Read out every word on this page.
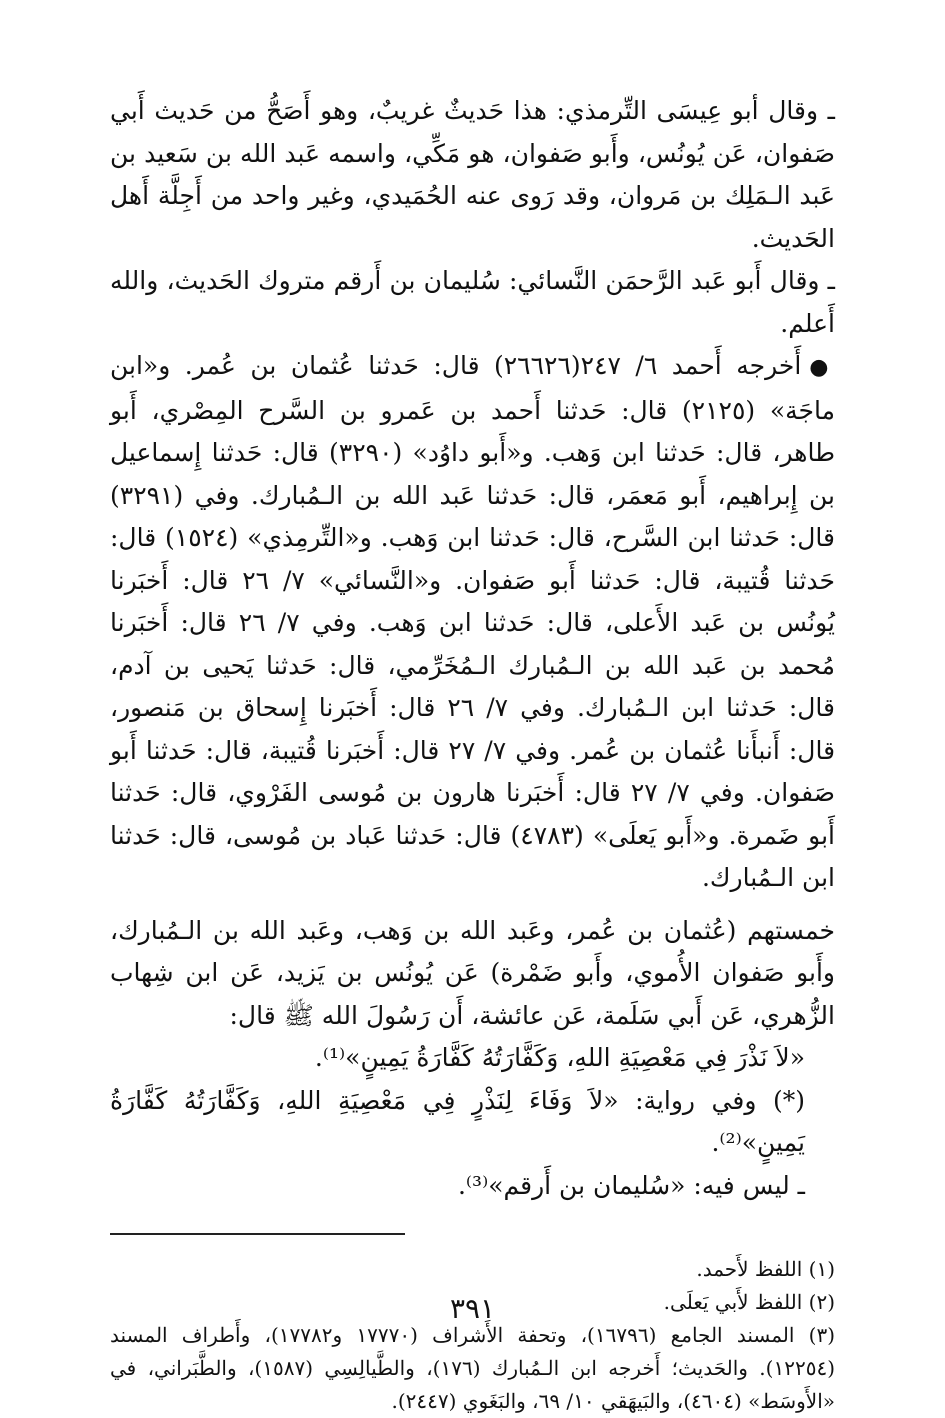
ـ وقال أبو عِيسَى التِّرمذي: هذا حَديثٌ غريبٌ، وهو أَصَحُّ من حَديث أَبي صَفوان، عَن يُونُس، وأَبو صَفوان، هو مَكِّي، واسمه عَبد الله بن سَعيد بن عَبد الـمَلِك بن مَروان، وقد رَوى عنه الحُمَيدي، وغير واحد من أَجِلَّة أَهل الحَديث.

ـ وقال أَبو عَبد الرَّحمَن النَّسائي: سُليمان بن أَرقم متروك الحَديث، والله أَعلم.

●أَخرجه أَحمد ٦/ ٢٤٧(٢٦٦٢٦) قال: حَدثنا عُثمان بن عُمر. و«ابن ماجَة» (٢١٢٥) قال: حَدثنا أَحمد بن عَمرو بن السَّرح المِصْري، أَبو طاهر، قال: حَدثنا ابن وَهب. و«أَبو داوُد» (٣٢٩٠) قال: حَدثنا إِسماعيل بن إِبراهيم، أَبو مَعمَر، قال: حَدثنا عَبد الله بن الـمُبارك. وفي (٣٢٩١) قال: حَدثنا ابن السَّرح، قال: حَدثنا ابن وَهب. و«التِّرمِذي» (١٥٢٤) قال: حَدثنا قُتيبة، قال: حَدثنا أَبو صَفوان. و«النَّسائي» ٧/ ٢٦ قال: أَخبَرنا يُونُس بن عَبد الأَعلى، قال: حَدثنا ابن وَهب. وفي ٧/ ٢٦ قال: أَخبَرنا مُحمد بن عَبد الله بن الـمُبارك الـمُخَرِّمي، قال: حَدثنا يَحيى بن آدم، قال: حَدثنا ابن الـمُبارك. وفي ٧/ ٢٦ قال: أَخبَرنا إِسحاق بن مَنصور، قال: أَنبأَنا عُثمان بن عُمر. وفي ٧/ ٢٧ قال: أَخبَرنا قُتيبة، قال: حَدثنا أَبو صَفوان. وفي ٧/ ٢٧ قال: أَخبَرنا هارون بن مُوسى الفَرْوي، قال: حَدثنا أَبو ضَمرة. و«أَبو يَعلَى» (٤٧٨٣) قال: حَدثنا عَباد بن مُوسى، قال: حَدثنا ابن الـمُبارك.

خمستهم (عُثمان بن عُمر، وعَبد الله بن وَهب، وعَبد الله بن الـمُبارك، وأَبو صَفوان الأُموي، وأَبو ضَمْرة) عَن يُونُس بن يَزيد، عَن ابن شِهاب الزُّهري، عَن أَبي سَلَمة، عَن عائشة، أَن رَسُولَ الله ﷺ قال:

«لاَ نَذْرَ فِي مَعْصِيَةِ اللهِ، وَكَفَّارَتُهُ كَفَّارَةُ يَمِينٍ»⁽¹⁾.

(*) وفي رواية: «لاَ وَفَاءَ لِنَذْرٍ فِي مَعْصِيَةِ اللهِ، وَكَفَّارَتُهُ كَفَّارَةُ يَمِينٍ»⁽²⁾.

ـ ليس فيه: «سُليمان بن أَرقم»⁽³⁾.

(١) اللفظ لأَحمد.

(٢) اللفظ لأَبي يَعلَى.

(٣) المسند الجامع (١٦٧٩٦)، وتحفة الأَشراف (١٧٧٧٠ و١٧٧٨٢)، وأَطراف المسند (١٢٢٥٤). والحَديث؛ أَخرجه ابن الـمُبارك (١٧٦)، والطَّيالِسِي (١٥٨٧)، والطَّبَراني، في «الأَوسَط» (٤٦٠٤)، والبَيهَقي ١٠/ ٦٩، والبَغَوي (٢٤٤٧).

٣٩١
